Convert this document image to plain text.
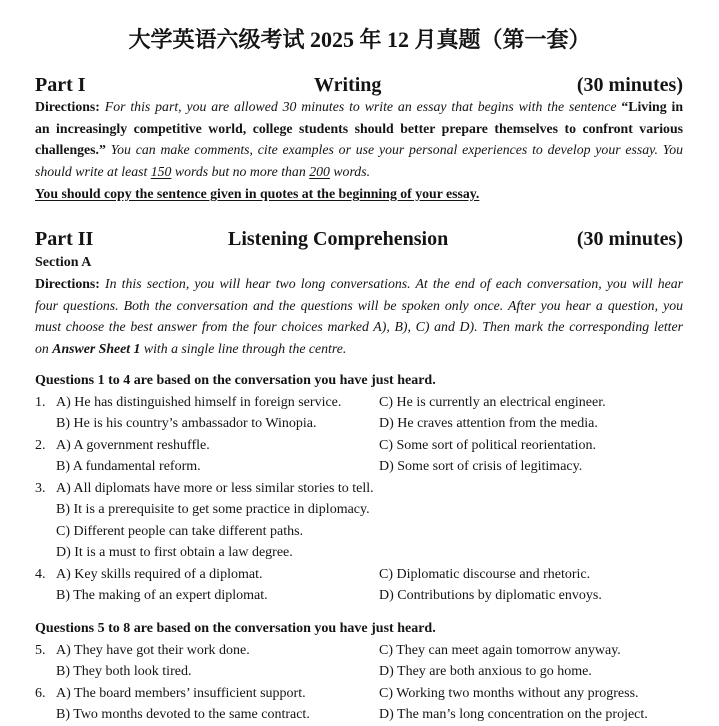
大学英语六级考试 2025 年 12 月真题（第一套）
Part I	Writing	(30 minutes)
Directions: For this part, you are allowed 30 minutes to write an essay that begins with the sentence “Living in
an increasingly competitive world, college students should better prepare themselves to confront various
challenges.” You can make comments, cite examples or use your personal experiences to develop your essay. You
should write at least 150 words but no more than 200 words.
You should copy the sentence given in quotes at the beginning of your essay.
Part II	Listening Comprehension	(30 minutes)
Section A
Directions: In this section, you will hear two long conversations. At the end of each conversation, you will hear
four questions. Both the conversation and the questions will be spoken only once. After you hear a question, you
must choose the best answer from the four choices marked A), B), C) and D). Then mark the corresponding letter
on Answer Sheet 1 with a single line through the centre.
Questions 1 to 4 are based on the conversation you have just heard.
1. A) He has distinguished himself in foreign service.	C) He is currently an electrical engineer.
B) He is his country’s ambassador to Winopia.	D) He craves attention from the media.
2. A) A government reshuffle.	C) Some sort of political reorientation.
B) A fundamental reform.	D) Some sort of crisis of legitimacy.
3. A) All diplomats have more or less similar stories to tell.
B) It is a prerequisite to get some practice in diplomacy.
C) Different people can take different paths.
D) It is a must to first obtain a law degree.
4. A) Key skills required of a diplomat.	C) Diplomatic discourse and rhetoric.
B) The making of an expert diplomat.	D) Contributions by diplomatic envoys.
Questions 5 to 8 are based on the conversation you have just heard.
5. A) They have got their work done.	C) They can meet again tomorrow anyway.
B) They both look tired.	D) They are both anxious to go home.
6. A) The board members’ insufficient support.	C) Working two months without any progress.
B) Two months devoted to the same contract.	D) The man’s long concentration on the project.
